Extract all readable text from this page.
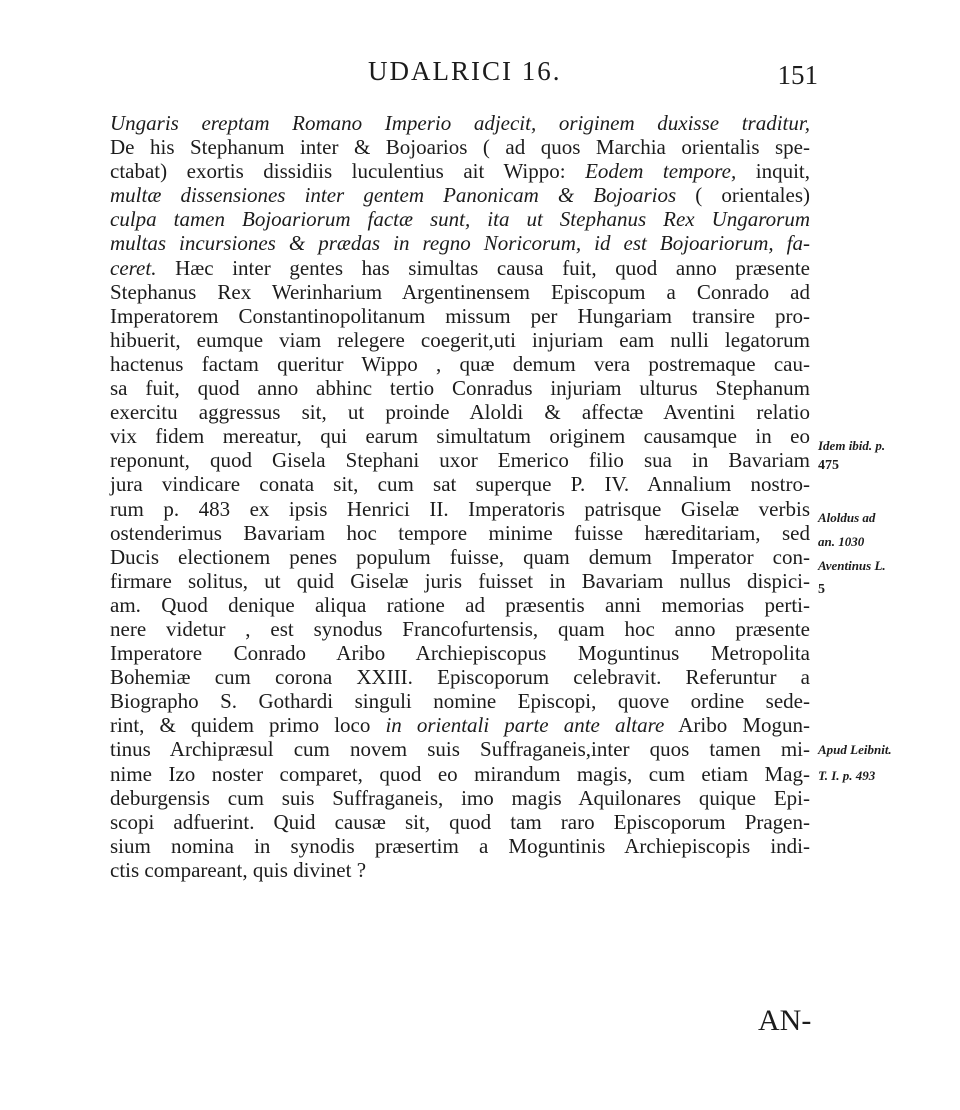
UDALRICI 16.	151
Ungaris ereptam Romano Imperio adjecit, originem duxisse traditur,
De his Stephanum inter & Bojoarios ( ad quos Marchia orientalis spe-
ctabat) exortis dissidiis luculentius ait Wippo: Eodem tempore, inquit,
multæ dissensiones inter gentem Panonicam & Bojoarios ( orientales)
culpa tamen Bojoariorum factæ sunt, ita ut Stephanus Rex Ungarorum
multas incursiones & prædas in regno Noricorum, id est Bojoariorum, fa-
ceret. Hæc inter gentes has simultas causa fuit, quod anno præsente
Stephanus Rex Werinharium Argentinensem Episcopum a Conrado ad
Imperatorem Constantinopolitanum missum per Hungariam transire pro-
hibuerit, eumque viam relegere coegerit,uti injuriam eam nulli legatorum
hactenus factam queritur Wippo , quæ demum vera postremaque cau-
sa fuit, quod anno abhinc tertio Conradus injuriam ulturus Stephanum
exercitu aggressus sit, ut proinde Aloldi & affectæ Aventini relatio
vix fidem mereatur, qui earum simultatum originem causamque in eo
reponunt, quod Gisela Stephani uxor Emerico filio sua in Bavariam
jura vindicare conata sit, cum sat superque P. IV. Annalium nostro-
rum p. 483 ex ipsis Henrici II. Imperatoris patrisque Giselæ verbis
ostenderimus Bavariam hoc tempore minime fuisse hæreditariam, sed
Ducis electionem penes populum fuisse, quam demum Imperator con-
firmare solitus, ut quid Giselæ juris fuisset in Bavariam nullus dispici-
am. Quod denique aliqua ratione ad præsentis anni memorias perti-
nere videtur , est synodus Francofurtensis, quam hoc anno præsente
Imperatore Conrado Aribo Archiepiscopus Moguntinus Metropolita
Bohemiæ cum corona XXIII. Episcoporum celebravit. Referuntur a
Biographo S. Gothardi singuli nomine Episcopi, quove ordine sede-
rint, & quidem primo loco in orientali parte ante altare Aribo Mogun-
tinus Archipræsul cum novem suis Suffraganeis,inter quos tamen mi-
nime Izo noster comparet, quod eo mirandum magis, cum etiam Mag-
deburgensis cum suis Suffraganeis, imo magis Aquilonares quique Epi-
scopi adfuerint. Quid causæ sit, quod tam raro Episcoporum Pragen-
sium nomina in synodis præsertim a Moguntinis Archiepiscopis indi-
ctis compareant, quis divinet ?
Idem ibid. p.
475
Aloldus ad
an. 1030
Aventinus L.
5
Apud Leibnit.
T. I. p. 493
AN-
